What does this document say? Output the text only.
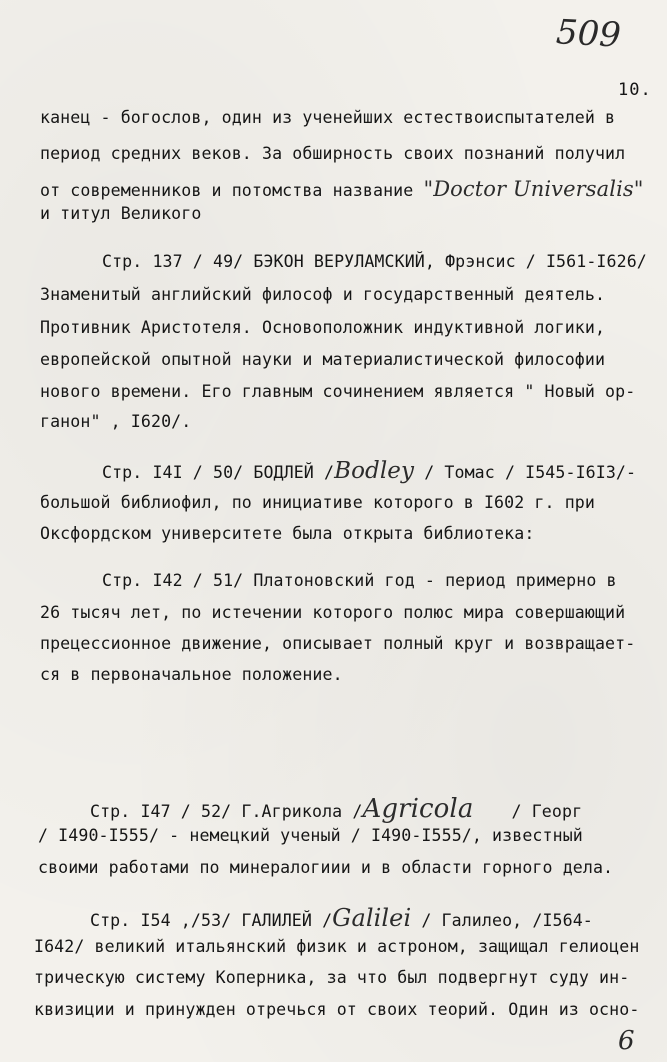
509
10.
канец - богослов, один из ученейших естествоиспытателей в
период средних веков. За обширность своих познаний получил
от современников и потомства название "Doctor Universalis"
и титул Великого
Стр. 137 / 49/ БЭКОН ВЕРУЛАМСКИЙ, Фрэнсис / I561-I626/
Знаменитый английский философ и государственный деятель.
Противник Аристотеля. Основоположник индуктивной логики,
европейской опытной науки и материалистической философии
нового времени. Его главным сочинением является " Новый ор-
ганон" , I620/.
Стр. I4I / 50/ БОДЛЕЙ /Bodley / Томас / I545-I6I3/-
большой библиофил, по инициативе которого в I602 г. при
Оксфордском университете была открыта библиотека:
Стр. I42 / 51/ Платоновский год - период примерно в
26 тысяч лет, по истечении которого полюс мира совершающий
прецессионное движение, описывает полный круг и возвращает-
ся в первоначальное положение.
Стр. I47 / 52/ Г.Агрикола /Agricola / Георг
/ I490-I555/ - немецкий ученый / I490-I555/, известный
своими работами по минералогиии и в области горного дела.
Стр. I54 ,/53/ ГАЛИЛЕЙ /Galilei / Галилео, /I564-
I642/ великий итальянский физик и астроном, защищал гелиоцен
трическую систему Коперника, за что был подвергнут суду ин-
квизиции и принужден отречься от своих теорий. Один из осно-
6
